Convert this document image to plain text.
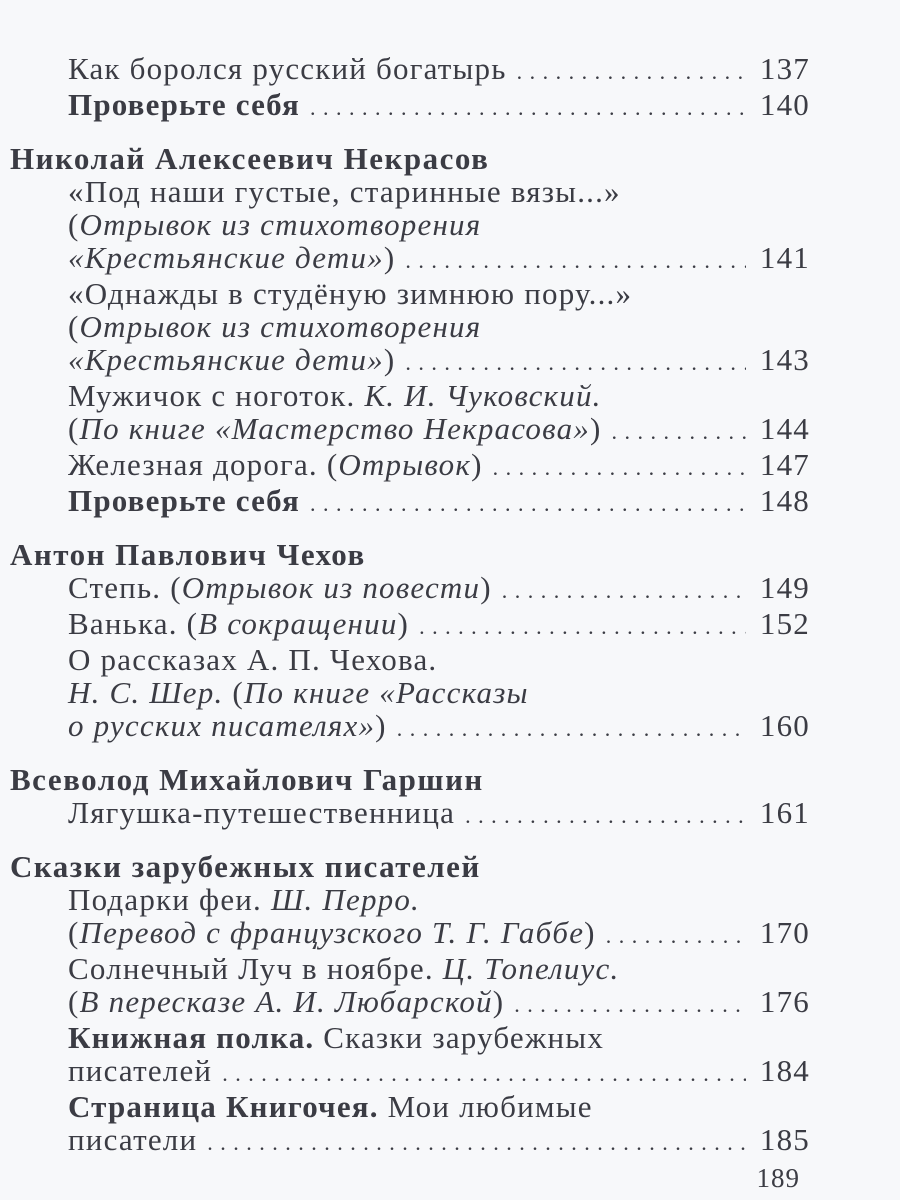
Как боролся русский богатырь . . .	137
Проверьте себя . . .	140
Николай Алексеевич Некрасов
«Под наши густые, старинные вязы...»
(Отрывок из стихотворения
«Крестьянские дети») . . .	141
«Однажды в студёную зимнюю пору...»
(Отрывок из стихотворения
«Крестьянские дети») . . .	143
Мужичок с ноготок. К. И. Чуковский.
(По книге «Мастерство Некрасова») . . .	144
Железная дорога. (Отрывок) . . .	147
Проверьте себя . . .	148
Антон Павлович Чехов
Степь. (Отрывок из повести) . . .	149
Ванька. (В сокращении) . . .	152
О рассказах А. П. Чехова.
Н. С. Шер. (По книге «Рассказы
о русских писателях») . . .	160
Всеволод Михайлович Гаршин
Лягушка-путешественница . . .	161
Сказки зарубежных писателей
Подарки феи. Ш. Перро.
(Перевод с французского Т. Г. Габбе) . . .	170
Солнечный Луч в ноябре. Ц. Топелиус.
(В пересказе А. И. Любарской) . . .	176
Книжная полка. Сказки зарубежных
писателей . . .	184
Страница Книгочея. Мои любимые
писатели . . .	185
189
